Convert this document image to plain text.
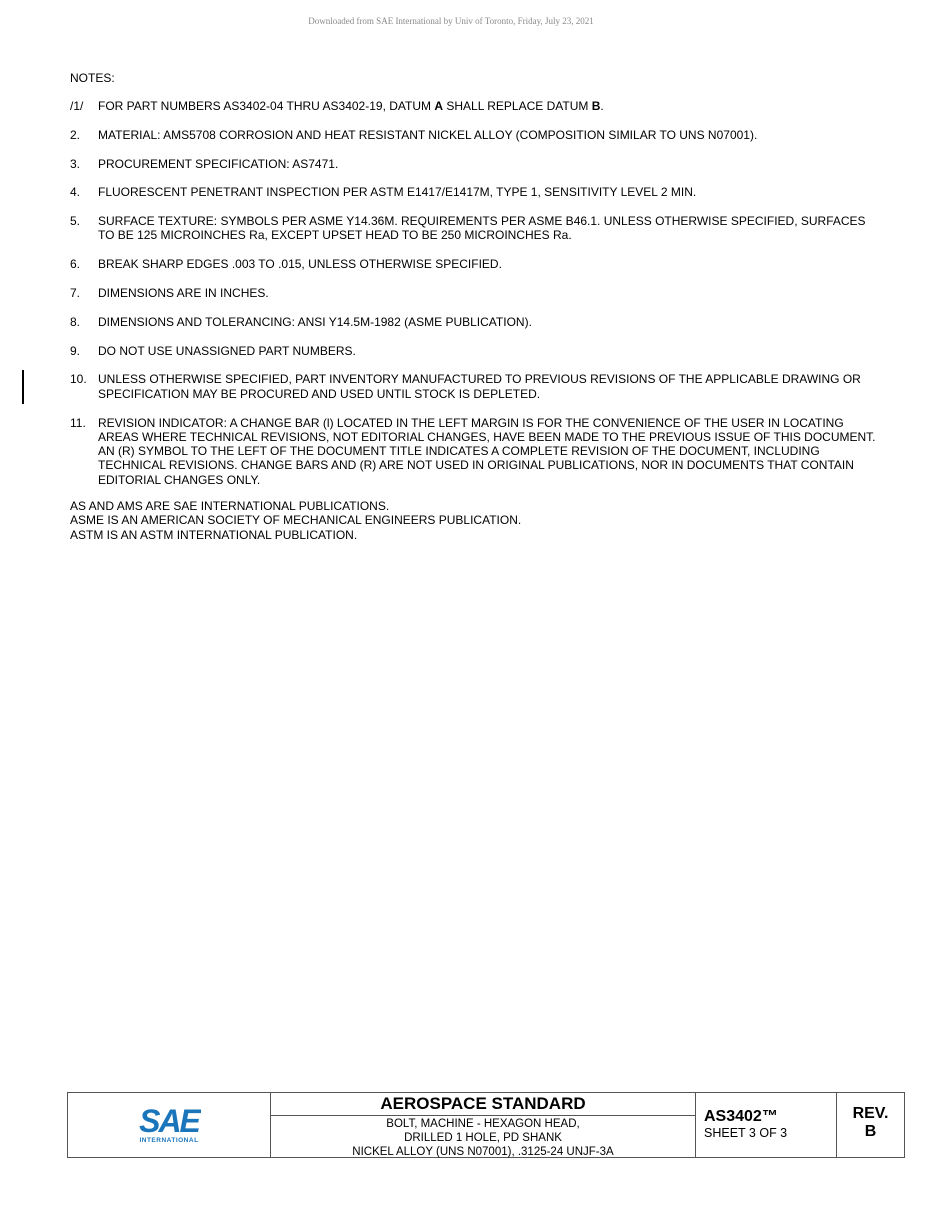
Downloaded from SAE International by Univ of Toronto, Friday, July 23, 2021
NOTES:
/1/	FOR PART NUMBERS AS3402-04 THRU AS3402-19, DATUM A SHALL REPLACE DATUM B.
2.	MATERIAL: AMS5708 CORROSION AND HEAT RESISTANT NICKEL ALLOY (COMPOSITION SIMILAR TO UNS N07001).
3.	PROCUREMENT SPECIFICATION: AS7471.
4.	FLUORESCENT PENETRANT INSPECTION PER ASTM E1417/E1417M, TYPE 1, SENSITIVITY LEVEL 2 MIN.
5.	SURFACE TEXTURE: SYMBOLS PER ASME Y14.36M. REQUIREMENTS PER ASME B46.1. UNLESS OTHERWISE SPECIFIED, SURFACES TO BE 125 MICROINCHES Ra, EXCEPT UPSET HEAD TO BE 250 MICROINCHES Ra.
6.	BREAK SHARP EDGES .003 TO .015, UNLESS OTHERWISE SPECIFIED.
7.	DIMENSIONS ARE IN INCHES.
8.	DIMENSIONS AND TOLERANCING: ANSI Y14.5M-1982 (ASME PUBLICATION).
9.	DO NOT USE UNASSIGNED PART NUMBERS.
10. UNLESS OTHERWISE SPECIFIED, PART INVENTORY MANUFACTURED TO PREVIOUS REVISIONS OF THE APPLICABLE DRAWING OR SPECIFICATION MAY BE PROCURED AND USED UNTIL STOCK IS DEPLETED.
11.	REVISION INDICATOR: A CHANGE BAR (l) LOCATED IN THE LEFT MARGIN IS FOR THE CONVENIENCE OF THE USER IN LOCATING AREAS WHERE TECHNICAL REVISIONS, NOT EDITORIAL CHANGES, HAVE BEEN MADE TO THE PREVIOUS ISSUE OF THIS DOCUMENT. AN (R) SYMBOL TO THE LEFT OF THE DOCUMENT TITLE INDICATES A COMPLETE REVISION OF THE DOCUMENT, INCLUDING TECHNICAL REVISIONS. CHANGE BARS AND (R) ARE NOT USED IN ORIGINAL PUBLICATIONS, NOR IN DOCUMENTS THAT CONTAIN EDITORIAL CHANGES ONLY.
AS AND AMS ARE SAE INTERNATIONAL PUBLICATIONS.
ASME IS AN AMERICAN SOCIETY OF MECHANICAL ENGINEERS PUBLICATION.
ASTM IS AN ASTM INTERNATIONAL PUBLICATION.
SAE
INTERNATIONAL
AEROSPACE STANDARD
BOLT, MACHINE - HEXAGON HEAD,
DRILLED 1 HOLE, PD SHANK
NICKEL ALLOY (UNS N07001), .3125-24 UNJF-3A
AS3402™
SHEET 3 OF 3
REV.
B
